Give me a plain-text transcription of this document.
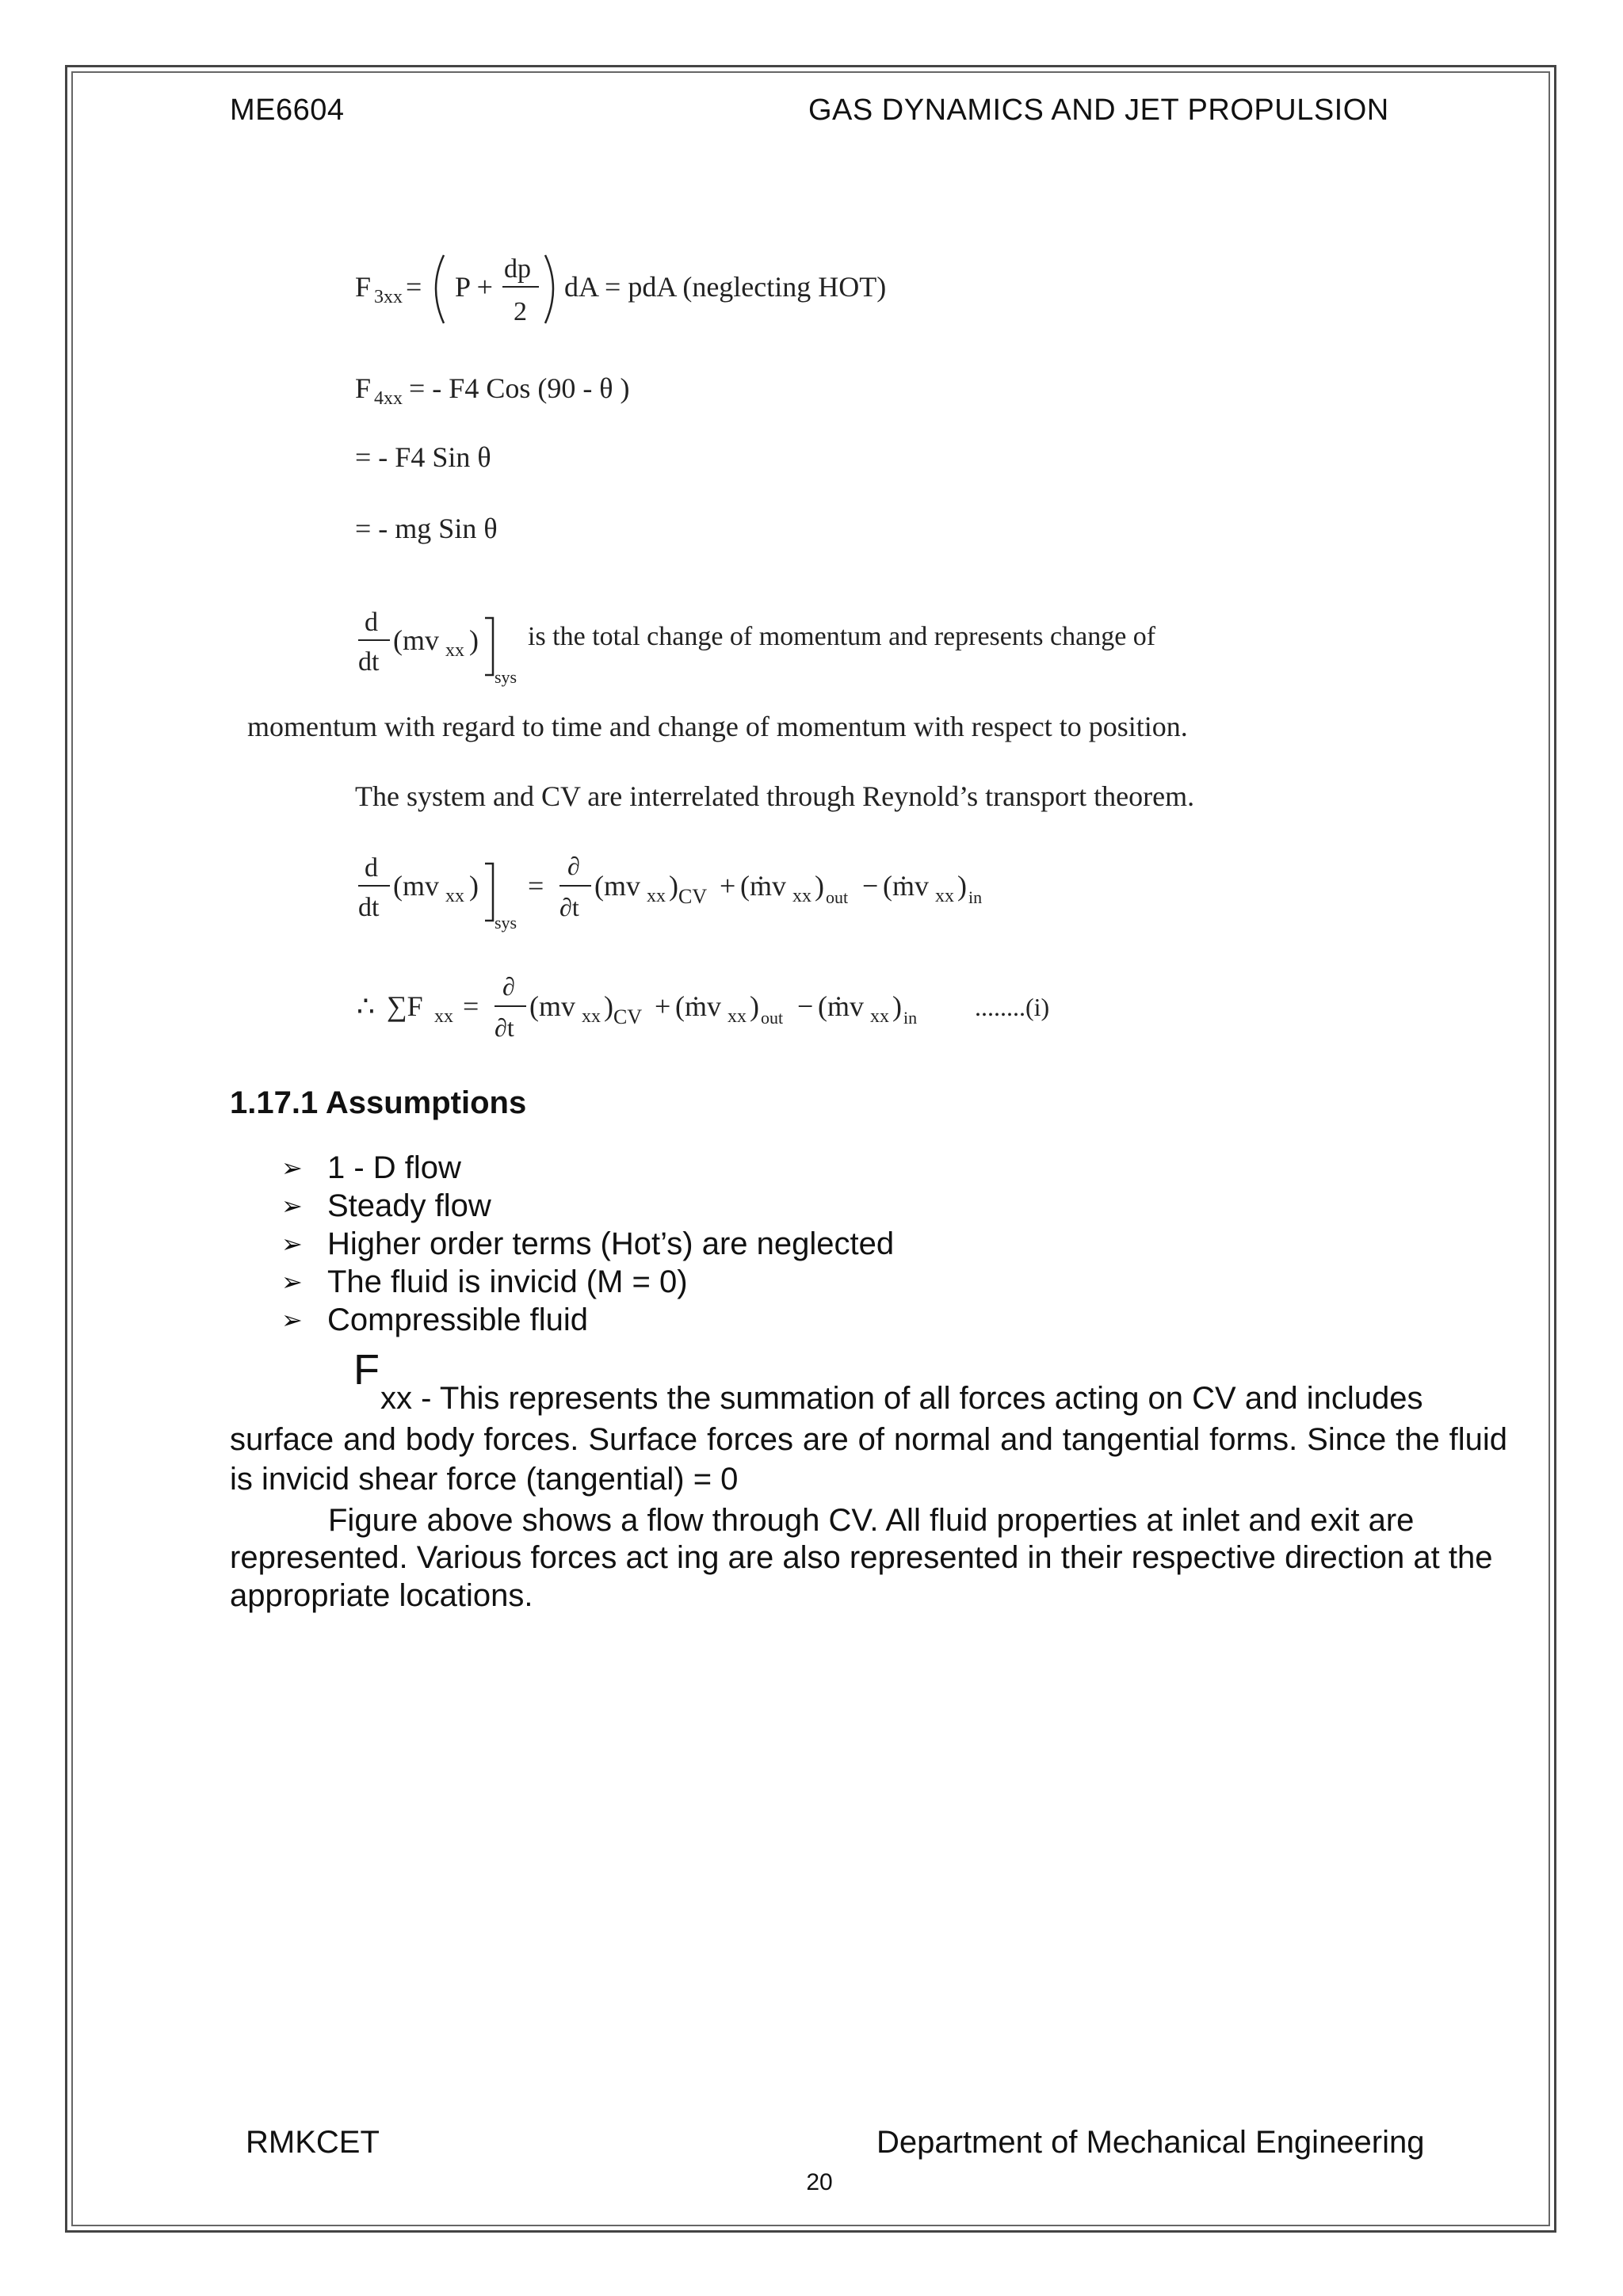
ME6604	GAS DYNAMICS AND JET PROPULSION
F 3xx = P +
dp
2
dA = pdA (neglecting HOT)
F 4xx = - F4 Cos (90 - θ )
= - F4 Sin θ
= - mg Sin θ
d
dt
(mv xx )
sys
is the total change of momentum and represents change of
momentum with regard to time and change of momentum with respect to position.
The system and CV are interrelated through Reynold’s transport theorem.
d
dt
(mv xx )
sys
=
∂
∂t
(mv xx ) CV + (ṁv xx ) out − (ṁv xx ) in
∴ ∑F xx =
∂
∂t
(mv xx ) CV + (ṁv xx ) out − (ṁv xx ) in ........(i)
1.17.1 Assumptions
➢ 1 - D flow
➢ Steady flow
➢ Higher order terms (Hot’s) are neglected
➢ The fluid is invicid (M = 0)
➢ Compressible fluid
F
xx - This represents the summation of all forces acting on CV and includes
surface and body forces. Surface forces are of normal and tangential forms. Since the fluid is invicid shear force (tangential) = 0
Figure above shows a flow through CV. All fluid properties at inlet and exit are
represented. Various forces act ing are also represented in their respective direction at the appropriate locations.
RMKCET	Department of Mechanical Engineering
20
